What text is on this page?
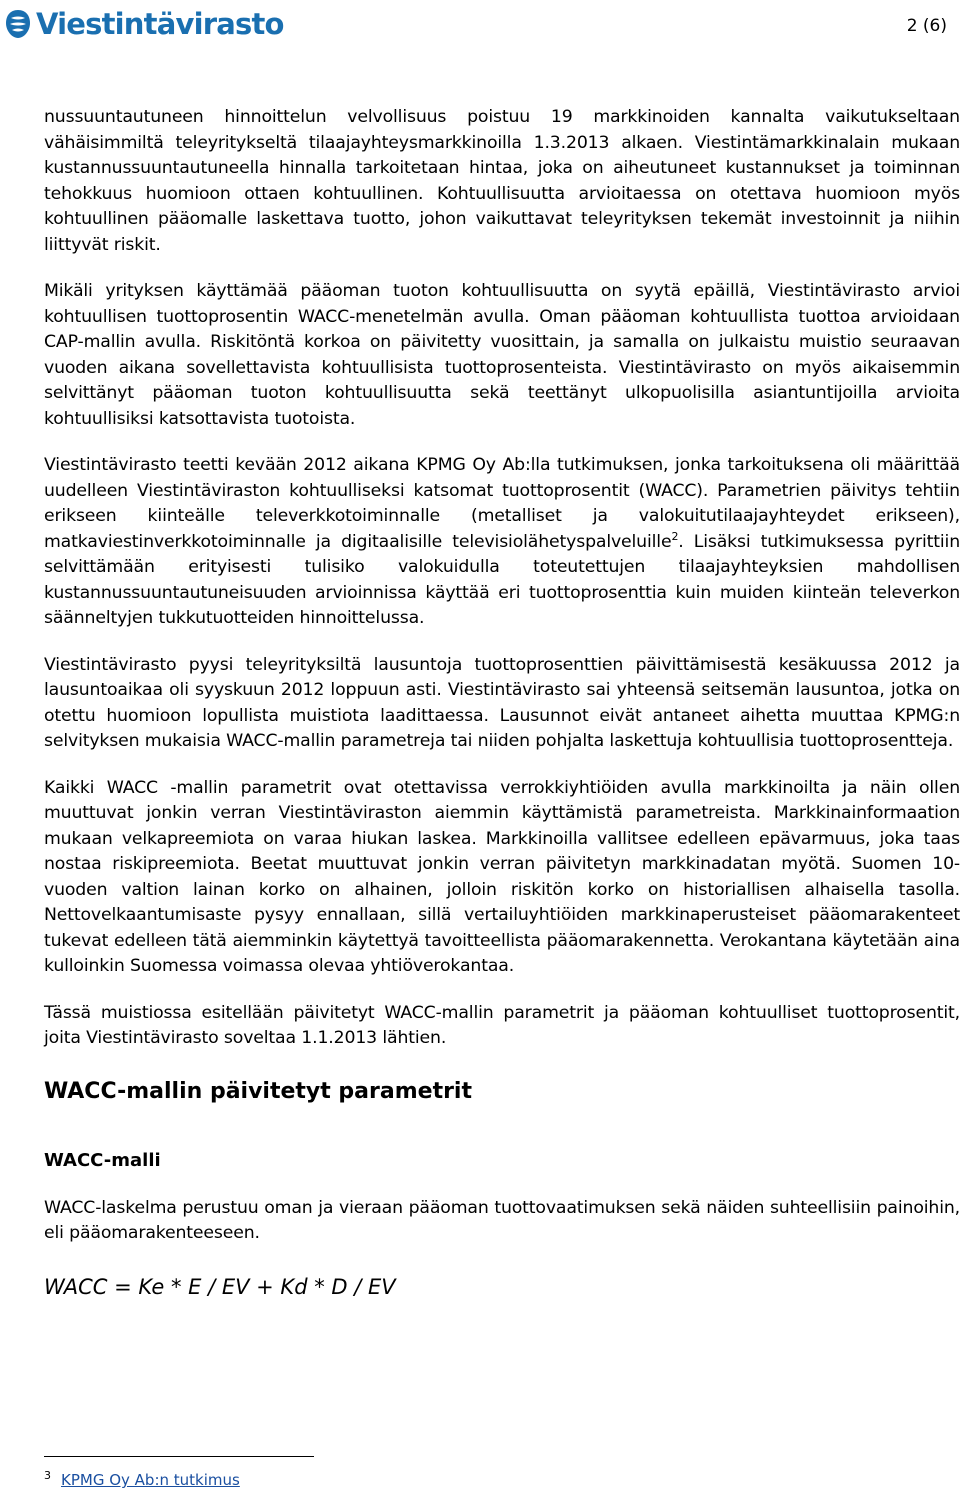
Viestintävirasto	2 (6)

nussuuntautuneen hinnoittelun velvollisuus poistuu 19 markkinoiden kannalta vaikutukseltaan vähäisimmiltä teleyritykseltä tilaajayhteysmarkkinoilla 1.3.2013 alkaen. Viestintämarkkinalain mukaan kustannussuuntautuneella hinnalla tarkoitetaan hintaa, joka on aiheutuneet kustannukset ja toiminnan tehokkuus huomioon ottaen kohtuullinen. Kohtuullisuutta arvioitaessa on otettava huomioon myös kohtuullinen pääomalle laskettava tuotto, johon vaikuttavat teleyrityksen tekemät investoinnit ja niihin liittyvät riskit.

Mikäli yrityksen käyttämää pääoman tuoton kohtuullisuutta on syytä epäillä, Viestintävirasto arvioi kohtuullisen tuottoprosentin WACC-menetelmän avulla. Oman pääoman kohtuullista tuottoa arvioidaan CAP-mallin avulla. Riskitöntä korkoa on päivitetty vuosittain, ja samalla on julkaistu muistio seuraavan vuoden aikana sovellettavista kohtuullisista tuottoprosenteista. Viestintävirasto on myös aikaisemmin selvittänyt pääoman tuoton kohtuullisuutta sekä teettänyt ulkopuolisilla asiantuntijoilla arvioita kohtuullisiksi katsottavista tuotoista.

Viestintävirasto teetti kevään 2012 aikana KPMG Oy Ab:lla tutkimuksen, jonka tarkoituksena oli määrittää uudelleen Viestintäviraston kohtuulliseksi katsomat tuottoprosentit (WACC). Parametrien päivitys tehtiin erikseen kiinteälle televerkkotoiminnalle (metalliset ja valokuitutilaajayhteydet erikseen), matkaviestinverkkotoiminnalle ja digitaalisille televisiolähetyspalveluille$^2$. Lisäksi tutkimuksessa pyrittiin selvittämään erityisesti tulisiko valokuidulla toteutettujen tilaajayhteyksien mahdollisen kustannussuuntautuneisuuden arvioinnissa käyttää eri tuottoprosenttia kuin muiden kiinteän televerkon säänneltyjen tukkutuotteiden hinnoittelussa.

Viestintävirasto pyysi teleyrityksiltä lausuntoja tuottoprosenttien päivittämisestä kesäkuussa 2012 ja lausuntoaikaa oli syyskuun 2012 loppuun asti. Viestintävirasto sai yhteensä seitsemän lausuntoa, jotka on otettu huomioon lopullista muistiota laadittaessa. Lausunnot eivät antaneet aihetta muuttaa KPMG:n selvityksen mukaisia WACC-mallin parametreja tai niiden pohjalta laskettuja kohtuullisia tuottoprosentteja.

Kaikki WACC -mallin parametrit ovat otettavissa verrokkiyhtiöiden avulla markkinoilta ja näin ollen muuttuvat jonkin verran Viestintäviraston aiemmin käyttämistä parametreista. Markkinainformaation mukaan velkapreemiota on varaa hiukan laskea. Markkinoilla vallitsee edelleen epävarmuus, joka taas nostaa riskipreemiota. Beetat muuttuvat jonkin verran päivitetyn markkinadatan myötä. Suomen 10-vuoden valtion lainan korko on alhainen, jolloin riskitön korko on historiallisen alhaisella tasolla. Nettovelkaantumisaste pysyy ennallaan, sillä vertailuyhtiöiden markkinaperusteiset pääomarakenteet tukevat edelleen tätä aiemminkin käytettyä tavoitteellista pääomarakennetta. Verokantana käytetään aina kulloinkin Suomessa voimassa olevaa yhtiöverokantaa.

Tässä muistiossa esitellään päivitetyt WACC-mallin parametrit ja pääoman kohtuulliset tuottoprosentit, joita Viestintävirasto soveltaa 1.1.2013 lähtien.

WACC-mallin päivitetyt parametrit
WACC-malli

WACC-laskelma perustuu oman ja vieraan pääoman tuottovaatimuksen sekä näiden suhteellisiin painoihin, eli pääomarakenteeseen.

WACC = Ke * E / EV + Kd * D / EV
$^3$ KPMG Oy Ab:n tutkimus
